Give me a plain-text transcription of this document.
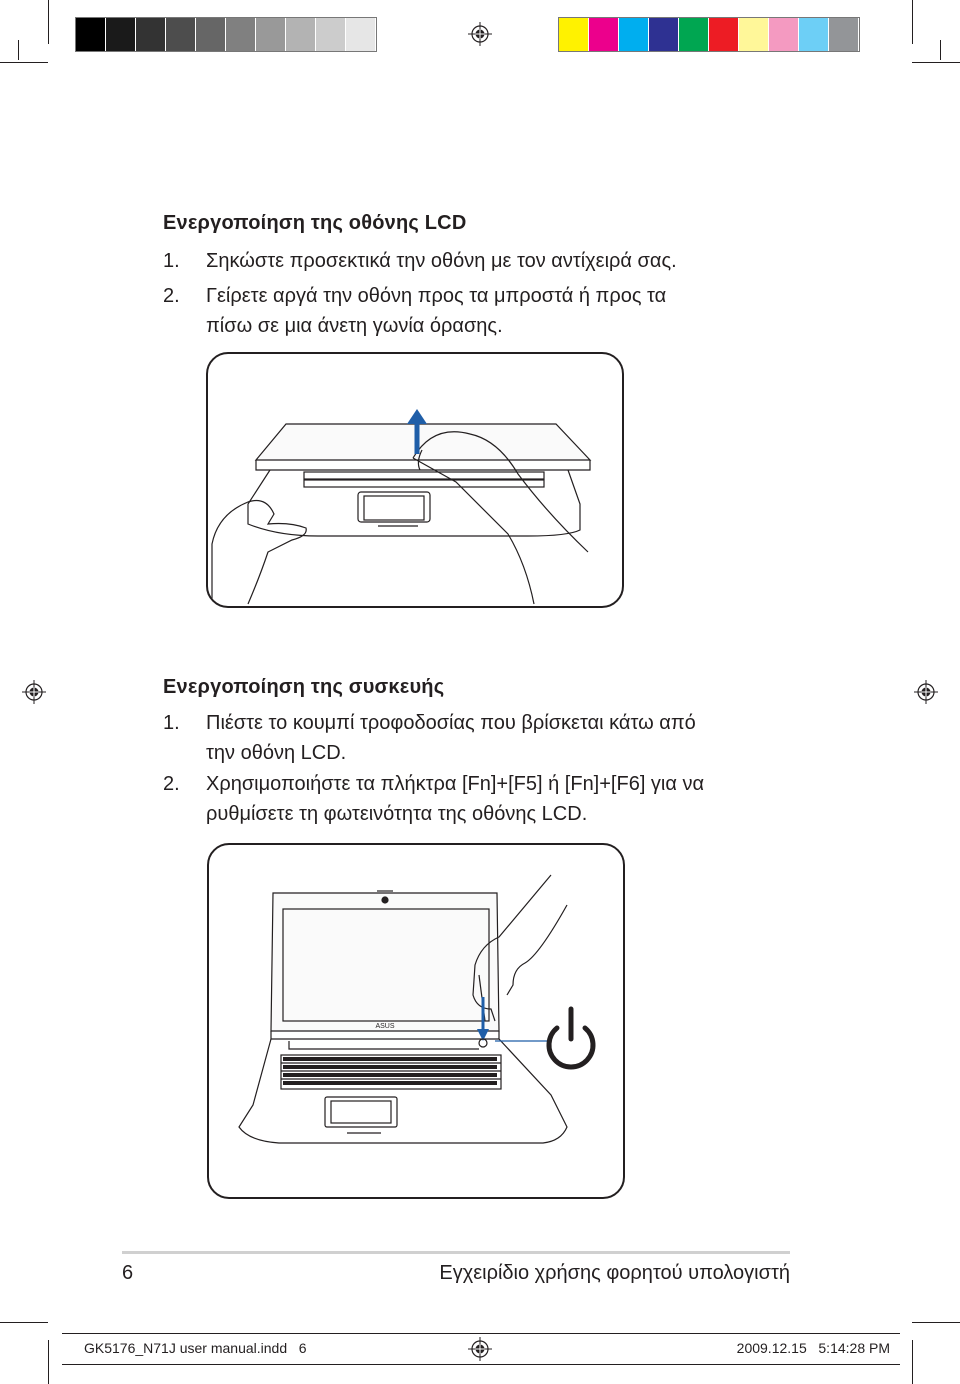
Ενεργοποίηση της οθόνης LCD
1.	Σηκώστε προσεκτικά την οθόνη με τον αντίχειρά σας.
2.	Γείρετε αργά την οθόνη προς τα μπροστά ή προς τα
πίσω σε μια άνετη γωνία όρασης.
Ενεργοποίηση της συσκευής
1.	Πιέστε το κουμπί τροφοδοσίας που βρίσκεται κάτω από
την οθόνη LCD.
2.	Χρησιμοποιήστε τα πλήκτρα [Fn]+[F5] ή [Fn]+[F6] για να
ρυθμίσετε τη φωτεινότητα της οθόνης LCD.
ASUS
6	Εγχειρίδιο χρήσης φορητού υπολογιστή
GK5176_N71J user manual.indd   6	2009.12.15   5:14:28 PM
